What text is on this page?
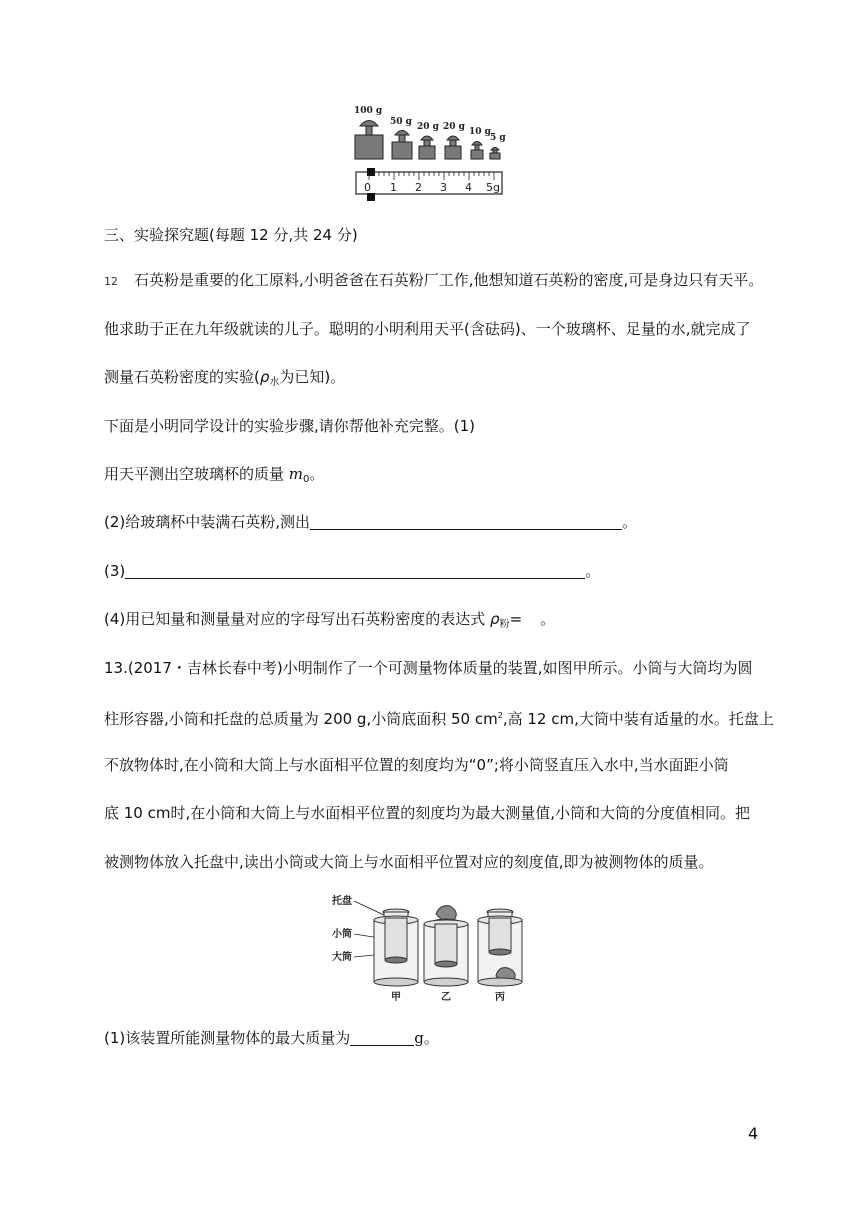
100 g
50 g 20 g 20 g 10 g
5 g
0 1 2 3 4 5g
三、实验探究题(每题 12 分,共 24 分)
12 石英粉是重要的化工原料,小明爸爸在石英粉厂工作,他想知道石英粉的密度,可是身边只有天平。
他求助于正在九年级就读的儿子。聪明的小明利用天平(含砝码)、一个玻璃杯、足量的水,就完成了
测量石英粉密度的实验($\rho_水$为已知)。
下面是小明同学设计的实验步骤,请你帮他补充完整。(1)
用天平测出空玻璃杯的质量 $m_0$。
(2)给玻璃杯中装满石英粉,测出	。
(3)	。
(4)用已知量和测量量对应的字母写出石英粉密度的表达式 $\rho_粉=$ 。
13.(2017・吉林长春中考)小明制作了一个可测量物体质量的装置,如图甲所示。小筒与大筒均为圆
柱形容器,小筒和托盘的总质量为 200 g,小筒底面积 50 $cm^2$,高 12 cm,大筒中装有适量的水。托盘上
不放物体时,在小筒和大筒上与水面相平位置的刻度均为“0”;将小筒竖直压入水中,当水面距小筒
底 10 cm时,在小筒和大筒上与水面相平位置的刻度均为最大测量值,小筒和大筒的分度值相同。把
被测物体放入托盘中,读出小筒或大筒上与水面相平位置对应的刻度值,即为被测物体的质量。
托盘
小筒
大筒
甲	乙	丙
(1)该装置所能测量物体的最大质量为	g。
4
